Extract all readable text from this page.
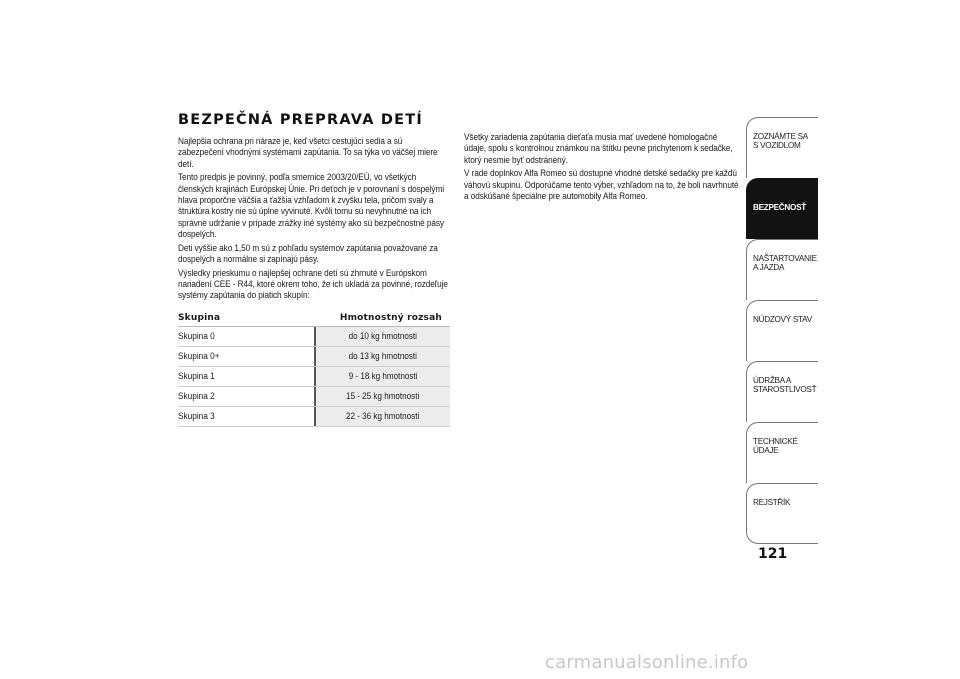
BEZPEČNÁ PREPRAVA DETÍ

Najlepšia ochrana pri náraze je, keď všetci cestujúci sedia a sú zabezpečení vhodnými systémami zapútania. To sa týka vo väčšej miere detí.

Tento predpis je povinný, podľa smernice 2003/20/EÚ, vo všetkých členských krajinách Európskej Únie. Pri deťoch je v porovnaní s dospelými hlava proporčne väčšia a ťažšia vzhľadom k zvyšku tela, pričom svaly a štruktúra kostry nie sú úplne vyvinuté. Kvôli tomu sú nevyhnutné na ich správne udržanie v prípade zrážky iné systémy ako sú bezpečnostné pásy dospelých.

Deti vyššie ako 1,50 m sú z pohľadu systémov zapútania považované za dospelých a normálne si zapínajú pásy.

Výsledky prieskumu o najlepšej ochrane detí sú zhrnuté v Európskom nariadení CEE - R44, ktoré okrem toho, že ich ukladá za povinné, rozdeľuje systémy zapútania do piatich skupín:

Skupina	Hmotnostný rozsah
Skupina 0	do 10 kg hmotnosti
Skupina 0+	do 13 kg hmotnosti
Skupina 1	9 - 18 kg hmotnosti
Skupina 2	15 - 25 kg hmotnosti
Skupina 3	22 - 36 kg hmotnosti

Všetky zariadenia zapútania dieťaťa musia mať uvedené homologačné údaje, spolu s kontrolnou známkou na štítku pevne prichytenom k sedačke, ktorý nesmie byť odstránený.

V rade doplnkov Alfa Romeo sú dostupné vhodné detské sedačky pre každú váhovú skupinu. Odporúčame tento výber, vzhľadom na to, že boli navrhnuté a odskúšané špeciálne pre automobily Alfa Romeo.

ZOZNÁMTE SA S VOZIDLOM
BEZPEČNOSŤ
NAŠTARTOVANIE A JAZDA
NÚDZOVÝ STAV
ÚDRŽBA A STAROSTLIVOSŤ
TECHNICKÉ ÚDAJE
REJSTŘÍK
121
carmanualsonline.info
